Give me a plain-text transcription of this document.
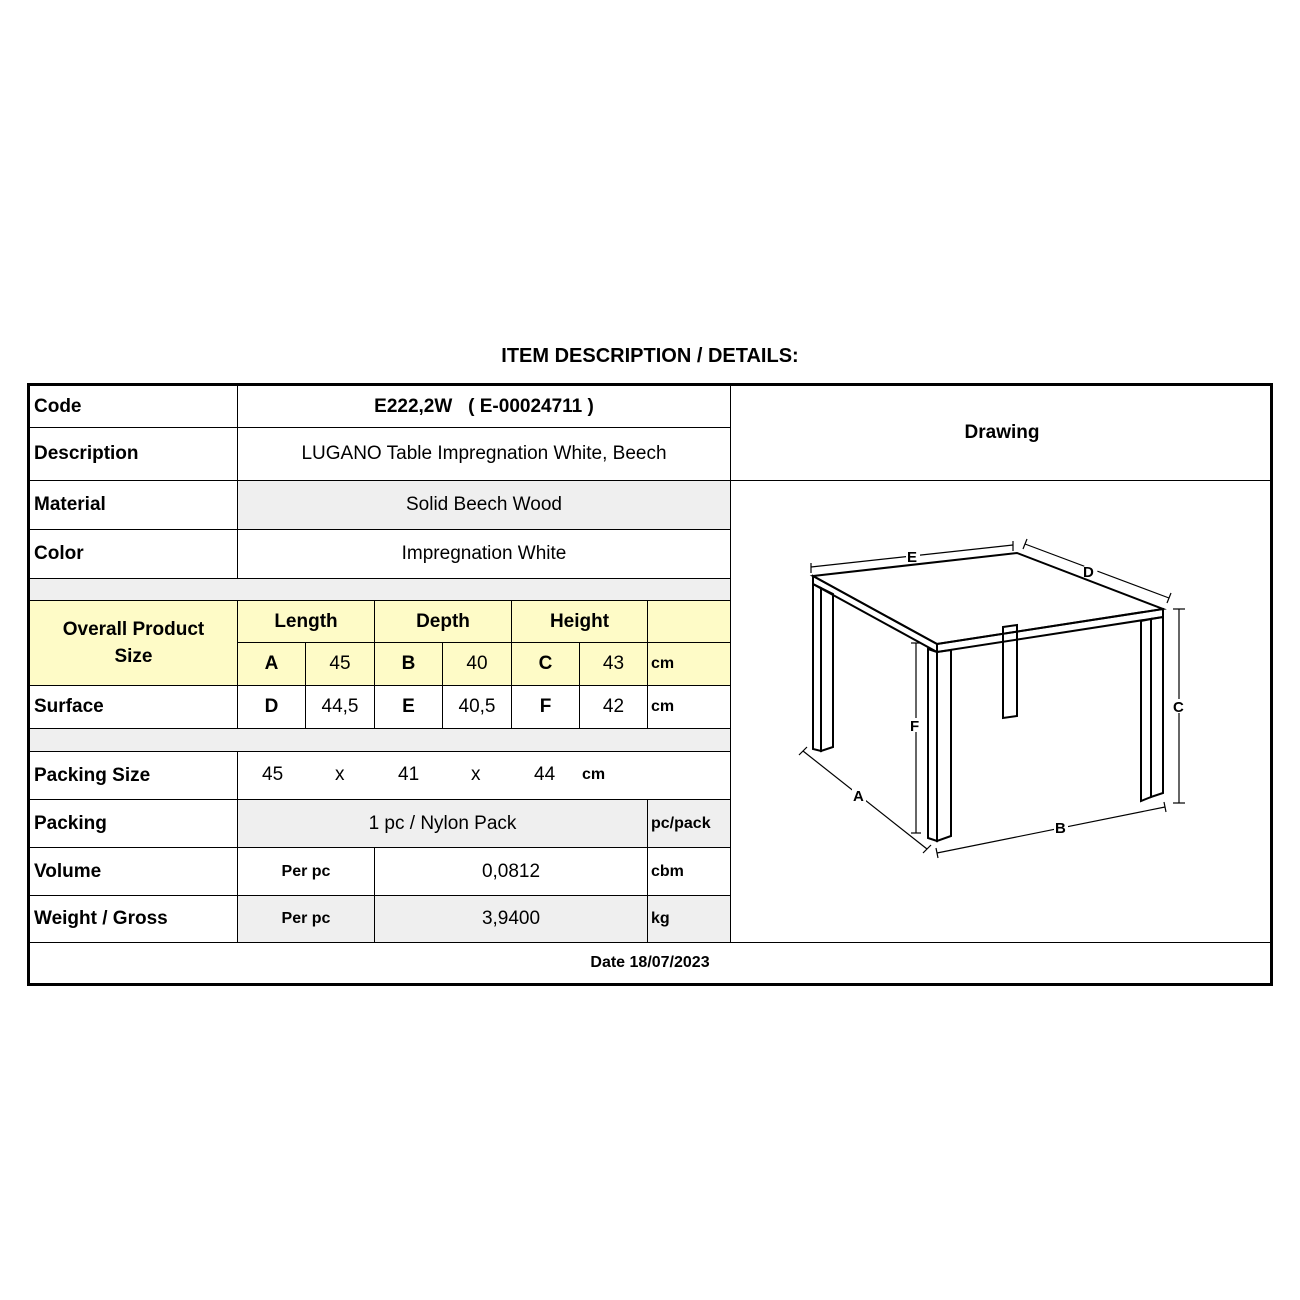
ITEM DESCRIPTION / DETAILS:
Code	E222,2W   ( E-00024711 )
Description	LUGANO Table Impregnation White, Beech
Drawing
Material	Solid Beech Wood
Color	Impregnation White
Overall Product Size
Length	Depth	Height
A	45	B	40	C	43	cm
Surface	D	44,5	E	40,5	F	42	cm
Packing Size	45	x	41	x	44 cm
Packing	1 pc / Nylon Pack	pc/pack
Volume	Per pc	0,0812	cbm
Weight / Gross	Per pc	3,9400	kg
E
D
C
F
A
B
Date 18/07/2023
